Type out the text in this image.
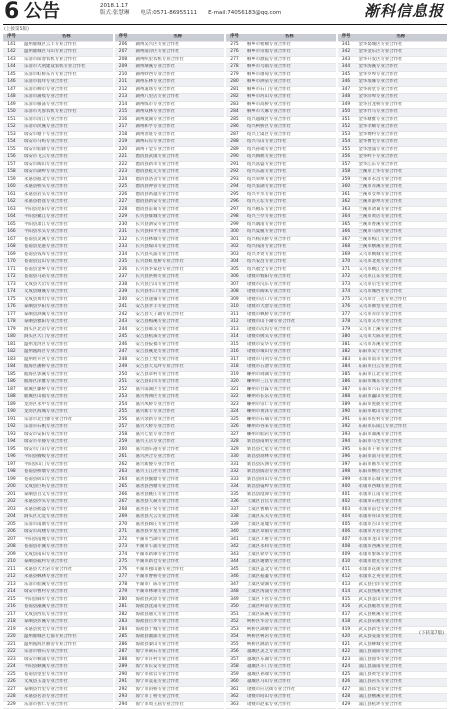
6 公告	2018.1.17
版式:张慧琳　　电话:0571-86955111　　E-mail:74056183@qq.com	渐科信息报
(上接第5版)
序号	名称
141	温州鹿城区云丰专业合作社
142	温州鹿城区马山专业合作社
143	乐清市阳春农机专业合作社
144	乐清市大荆建设农机专业合作社
145	乐清市虹桥东方专业合作社
146	乐清市翁垟专业合作社
147	乐清市柳市专业合作社
148	乐清市蒲岐专业合作社
149	乐清市雁荡专业合作社
150	乐清市芙蓉农机专业合作社
151	乐清市清江专业合作社
152	乐清市淡溪专业合作社
153	瑞安市塘下专业合作社
154	瑞安市马屿专业合作社
155	瑞安市仙降专业合作社
156	瑞安市飞云专业合作社
157	瑞安市陶山专业合作社
158	瑞安市湖岭专业合作社
159	永嘉县瓯北专业合作社
160	永嘉县桥头专业合作社
161	永嘉县岩头专业合作社
162	永嘉县碧莲专业合作社
163	平阳县昆阳专业合作社
164	平阳县鳌江专业合作社
165	平阳县萧江专业合作社
166	平阳县水头专业合作社
167	苍南县灵溪专业合作社
168	苍南县龙港专业合作社
169	苍南县钱库专业合作社
170	苍南县宜山专业合作社
171	苍南县金乡专业合作社
172	苍南县马站专业合作社
173	文成县大峃专业合作社
174	文成县珊溪专业合作社
175	文成县黄坦专业合作社
176	泰顺县罗阳专业合作社
177	泰顺县泗溪专业合作社
178	泰顺县雅阳专业合作社
179	洞头区北岙专业合作社
180	洞头区大门专业合作社
181	温州龙湾区专业合作社
182	温州瓯海区专业合作社
183	温州经开区专业合作社
184	瓯海区潘桥专业合作社
185	瓯海区郭溪专业合作社
186	瓯海区泽雅专业合作社
187	鹿城区藤桥专业合作社
188	鹿城区山福专业合作社
189	龙湾区永中专业合作社
190	龙湾区海城专业合作社
191	乐清市北白象专业合作社
192	乐清市石帆专业合作社
193	瑞安市安阳专业合作社
194	瑞安市莘塍专业合作社
195	瑞安市汀田专业合作社
196	平阳县腾蛟专业合作社
197	平阳县山门专业合作社
198	苍南县桥墩专业合作社
199	苍南县矾山专业合作社
200	文成县巨屿专业合作社
201	泰顺县百丈专业合作社
202	永嘉县沙头专业合作社
203	永嘉县鹤盛专业合作社
204	洞头区元觉专业合作社
205	乐清市南塘专业合作社
206	瑞安市高楼专业合作社
207	平阳县南麂专业合作社
208	苍南县赤溪专业合作社
209	文成县南田专业合作社
210	泰顺县筱村专业合作社
211	永嘉县大若岩专业合作社
212	永嘉县枫林专业合作社
213	乐清市仙溪专业合作社
214	瑞安市曹村专业合作社
215	平阳县麻步专业合作社
216	苍南县藻溪专业合作社
217	文成县西坑专业合作社
218	泰顺县彭溪专业合作社
219	永嘉县巽宅专业合作社
220	温州鹿城区七都专业合作社
221	温州瓯海区丽岙专业合作社
222	乐清市磐石专业合作社
223	瑞安市桐浦专业合作社
224	平阳县顺溪专业合作社
225	苍南县望里专业合作社
226	文成县玉壶专业合作社
227	泰顺县竹里专业合作社
228	永嘉县茗岙专业合作社
229	乐清市智仁专业合作社
序号	名称
206	湖州吴兴区专业合作社
207	湖州南浔区专业合作社
208	湖州织里农机专业合作社
209	湖州埭溪专业合作社
210	湖州妙西专业合作社
211	湖州东林专业合作社
212	湖州道场专业合作社
213	湖州八里店专业合作社
214	湖州练市专业合作社
215	湖州双林专业合作社
216	湖州菱湖专业合作社
217	湖州和孚专业合作社
218	湖州善琏专业合作社
219	湖州石淙专业合作社
220	湖州千金专业合作社
221	德清县武康专业合作社
222	德清县新市专业合作社
223	德清县乾元专业合作社
224	德清县洛舍专业合作社
225	德清县钟管专业合作社
226	德清县禹越专业合作社
227	德清县新安专业合作社
228	德清县雷甸专业合作社
229	长兴县雉城专业合作社
230	长兴县泗安专业合作社
231	长兴县和平专业合作社
232	长兴县林城专业合作社
233	长兴县煤山专业合作社
234	长兴县夹浦专业合作社
235	长兴县虹星桥专业合作社
236	长兴县李家巷专业合作社
237	长兴县洪桥专业合作社
238	长兴县吕山专业合作社
239	长兴县水口专业合作社
240	安吉县递铺专业合作社
241	安吉县孝丰专业合作社
242	安吉县天子湖专业合作社
243	安吉县梅溪专业合作社
244	安吉县鄣吴专业合作社
245	安吉县杭垓专业合作社
246	安吉县报福专业合作社
247	安吉县溪龙专业合作社
248	安吉县上墅专业合作社
249	安吉县天荒坪专业合作社
250	安吉县章村专业合作社
251	安吉县山川专业合作社
252	嘉兴南湖区专业合作社
253	嘉兴秀洲区专业合作社
254	嘉兴凤桥专业合作社
255	嘉兴新丰专业合作社
256	嘉兴余新专业合作社
257	嘉兴大桥专业合作社
258	嘉兴七星专业合作社
259	嘉兴王店专业合作社
260	嘉兴油车港专业合作社
261	嘉兴洪合专业合作社
262	嘉兴新塍专业合作社
263	嘉兴王江泾专业合作社
264	嘉善县魏塘专业合作社
265	嘉善县西塘专业合作社
266	嘉善县姚庄专业合作社
267	嘉善县天凝专业合作社
268	嘉善县干窑专业合作社
269	嘉善县大云专业合作社
270	嘉善县陶庄专业合作社
271	嘉善县罗星专业合作社
272	平湖市当湖专业合作社
273	平湖市乍浦专业合作社
274	平湖市新埭专业合作社
275	平湖市新仓专业合作社
276	平湖市独山港专业合作社
277	平湖市曹桥专业合作社
278	平湖市广陈专业合作社
279	平湖市林埭专业合作社
280	海盐县武原专业合作社
281	海盐县沈荡专业合作社
282	海盐县通元专业合作社
283	海盐县百步专业合作社
284	海盐县于城专业合作社
285	海盐县澉浦专业合作社
286	海盐县秦山专业合作社
287	海宁市硖石专业合作社
288	海宁市许村专业合作社
289	海宁市长安专业合作社
290	海宁市盐官专业合作社
291	海宁市袁花专业合作社
292	海宁市斜桥专业合作社
293	海宁市丁桥专业合作社
294	海宁市周王庙专业合作社
序号	名称
275	桐乡市梧桐专业合作社
276	桐乡市崇福专业合作社
277	桐乡市濮院专业合作社
278	桐乡市乌镇专业合作社
279	桐乡市屠甸专业合作社
280	桐乡市洲泉专业合作社
281	桐乡市石门专业合作社
282	桐乡市河山专业合作社
283	桐乡市高桥专业合作社
284	桐乡市大麻专业合作社
285	绍兴越城区专业合作社
286	绍兴柯桥区专业合作社
287	绍兴上虞区专业合作社
288	绍兴马山专业合作社
289	绍兴孙端专业合作社
290	绍兴陶堰专业合作社
291	绍兴富盛专业合作社
292	绍兴东浦专业合作社
293	绍兴皋埠专业合作社
294	绍兴鉴湖专业合作社
295	绍兴平水专业合作社
296	绍兴王坛专业合作社
297	绍兴稽东专业合作社
298	绍兴兰亭专业合作社
299	绍兴漓渚专业合作社
300	绍兴夏履专业合作社
301	绍兴杨汛桥专业合作社
302	绍兴钱清专业合作社
303	绍兴齐贤专业合作社
304	绍兴安昌专业合作社
305	绍兴福全专业合作社
306	诸暨市暨阳专业合作社
307	诸暨市浣东专业合作社
308	诸暨市陶朱专业合作社
309	诸暨市店口专业合作社
310	诸暨市大唐专业合作社
311	诸暨市枫桥专业合作社
312	诸暨市山下湖专业合作社
313	诸暨市次坞专业合作社
314	诸暨市牌头专业合作社
315	诸暨市安华专业合作社
316	诸暨市璜山专业合作社
317	诸暨市马剑专业合作社
318	诸暨市五泄专业合作社
319	嵊州市剡湖专业合作社
320	嵊州市三江专业合作社
321	嵊州市甘霖专业合作社
322	嵊州市长乐专业合作社
323	嵊州市崇仁专业合作社
324	嵊州市黄泽专业合作社
325	嵊州市石璜专业合作社
326	嵊州市谷来专业合作社
327	嵊州市仙岩专业合作社
328	新昌县南明专业合作社
329	新昌县七星专业合作社
330	新昌县羽林专业合作社
331	新昌县沃洲专业合作社
332	新昌县儒岙专业合作社
333	新昌县回山专业合作社
334	新昌县镜岭专业合作社
335	新昌县澄潭专业合作社
336	上虞区百官专业合作社
337	上虞区曹娥专业合作社
338	上虞区东关专业合作社
339	上虞区道墟专业合作社
340	上虞区章镇专业合作社
341	上虞区丰惠专业合作社
342	上虞区永和专业合作社
343	上虞区驿亭专业合作社
344	上虞区谢塘专业合作社
345	上虞区盖北专业合作社
346	上虞区崧厦专业合作社
347	上虞区梁湖专业合作社
348	上虞区汤浦专业合作社
349	上虞区下管专业合作社
350	上虞区岭南专业合作社
351	上虞区陈溪专业合作社
352	柯桥区华舍专业合作社
353	柯桥区湖塘专业合作社
354	柯桥区柯岩专业合作社
355	柯桥区漓渚专业合作社
356	越城区灵芝专业合作社
357	越城区东湖专业合作社
358	越城区斗门专业合作社
359	越城区孙端专业合作社
360	越城区马山专业合作社
361	诸暨市应店街专业合作社
362	诸暨市同山专业合作社
363	诸暨市赵家专业合作社
序号	名称
341	金华婺城区专业合作社
342	金华金东区专业合作社
343	金华开发区专业合作社
344	金华汤溪专业合作社
345	金华罗埠专业合作社
346	金华琅琊专业合作社
347	金华蒋堂专业合作社
348	金华洋埠专业合作社
349	金华白龙桥专业合作社
350	金华竹马专业合作社
351	金华塘雅专业合作社
352	金华孝顺专业合作社
353	金华傅村专业合作社
354	金华曹宅专业合作社
355	金华澧浦专业合作社
356	金华岭下专业合作社
357	金华江东专业合作社
358	兰溪市上华专业合作社
359	兰溪市永昌专业合作社
360	兰溪市赤溪专业合作社
361	兰溪市女埠专业合作社
362	兰溪市游埠专业合作社
363	兰溪市诸葛专业合作社
364	兰溪市黄店专业合作社
365	兰溪市香溪专业合作社
366	兰溪市马涧专业合作社
367	兰溪市梅江专业合作社
368	兰溪市横溪专业合作社
369	义乌市稠城专业合作社
370	义乌市北苑专业合作社
371	义乌市稠江专业合作社
372	义乌市江东专业合作社
373	义乌市后宅专业合作社
374	义乌市城西专业合作社
375	义乌市廿三里专业合作社
376	义乌市佛堂专业合作社
377	义乌市赤岸专业合作社
378	义乌市义亭专业合作社
379	义乌市上溪专业合作社
380	义乌市大陈专业合作社
381	义乌市苏溪专业合作社
382	东阳市吴宁专业合作社
383	东阳市南市专业合作社
384	东阳市白云专业合作社
385	东阳市江北专业合作社
386	东阳市城东专业合作社
387	东阳市六石专业合作社
388	东阳市巍山专业合作社
389	东阳市虎鹿专业合作社
390	东阳市歌山专业合作社
391	东阳市佐村专业合作社
392	东阳市东阳江专业合作社
393	东阳市湖溪专业合作社
394	东阳市马宅专业合作社
395	东阳市千祥专业合作社
396	东阳市南马专业合作社
397	东阳市画水专业合作社
398	东阳市横店专业合作社
399	永康市东城专业合作社
400	永康市西城专业合作社
401	永康市江南专业合作社
402	永康市石柱专业合作社
403	永康市前仓专业合作社
404	永康市舟山专业合作社
405	永康市古山专业合作社
406	永康市方岩专业合作社
407	永康市龙山专业合作社
408	永康市西溪专业合作社
409	永康市象珠专业合作社
410	永康市唐先专业合作社
411	永康市花街专业合作社
412	永康市芝英专业合作社
413	武义县白洋专业合作社
414	武义县熟溪专业合作社
415	武义县壶山专业合作社
416	武义县履坦专业合作社
417	武义县桃溪专业合作社
418	武义县泉溪专业合作社
419	武义县新宅专业合作社
420	武义县茭道专业合作社
421	武义县柳城专业合作社
422	浦江县浦阳专业合作社
423	浦江县仙华专业合作社
424	浦江县浦南专业合作社
425	浦江县黄宅专业合作社
426	浦江县岩头专业合作社
427	浦江县郑宅专业合作社
428	浦江县檀溪专业合作社
429	浦江县杭坪专业合作社
(下转第7版)
